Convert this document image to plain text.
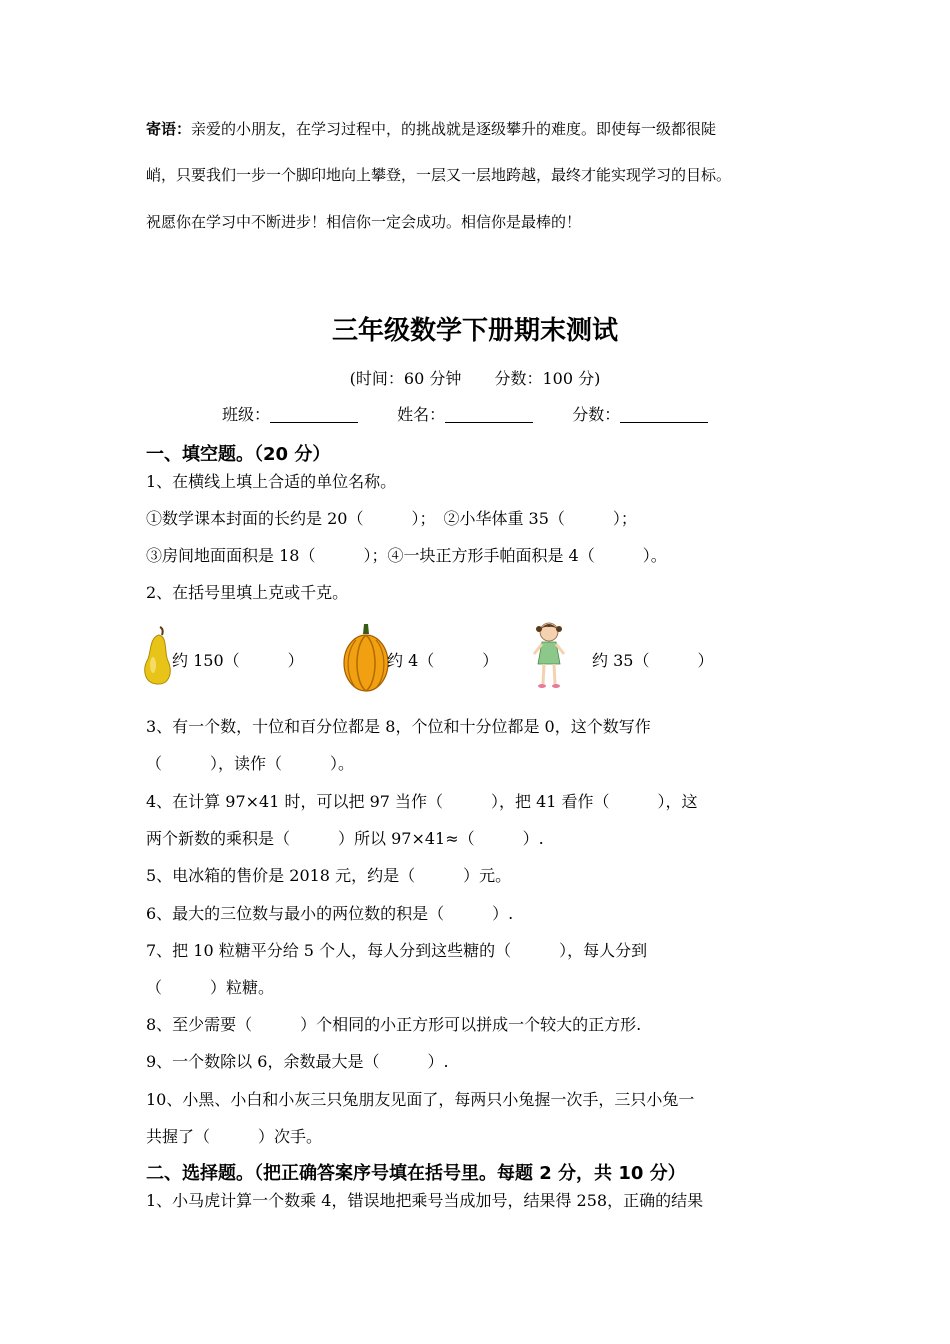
寄语：亲爱的小朋友，在学习过程中，的挑战就是逐级攀升的难度。即使每一级都很陡
峭，只要我们一步一个脚印地向上攀登，一层又一层地跨越，最终才能实现学习的目标。
祝愿你在学习中不断进步！相信你一定会成功。相信你是最棒的！
三年级数学下册期末测试
(时间：60 分钟 分数：100 分)
班级：	姓名：	分数：
一、填空题。（20 分）
1、在横线上填上合适的单位名称。
①数学课本封面的长约是 20（　　　）；　②小华体重 35（　　　）；
③房间地面面积是 18（　　　）；④一块正方形手帕面积是 4（　　　）。
2、在括号里填上克或千克。
约 150（　　　）	约 4（　　　）	约 35（　　　）
3、有一个数，十位和百分位都是 8，个位和十分位都是 0，这个数写作
（　　　），读作（　　　）。
4、在计算 97×41 时，可以把 97 当作（　　　），把 41 看作（　　　），这
两个新数的乘积是（　　　）所以 97×41≈（　　　）.
5、电冰箱的售价是 2018 元，约是（　　　）元。
6、最大的三位数与最小的两位数的积是（　　　）.
7、把 10 粒糖平分给 5 个人，每人分到这些糖的（　　　），每人分到
（　　　）粒糖。
8、至少需要（　　　）个相同的小正方形可以拼成一个较大的正方形.
9、一个数除以 6，余数最大是（　　　）.
10、小黑、小白和小灰三只兔朋友见面了，每两只小兔握一次手，三只小兔一
共握了（　　　）次手。
二、选择题。（把正确答案序号填在括号里。每题 2 分，共 10 分）
1、小马虎计算一个数乘 4，错误地把乘号当成加号，结果得 258，正确的结果
